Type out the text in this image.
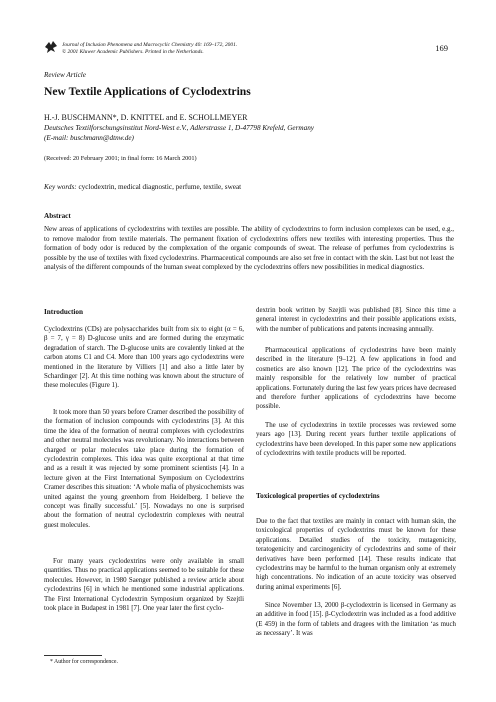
Journal of Inclusion Phenomena and Macrocyclic Chemistry 40: 169–172, 2001.
© 2001 Kluwer Academic Publishers. Printed in the Netherlands.	169
Review Article
New Textile Applications of Cyclodextrins
H.-J. BUSCHMANN*, D. KNITTEL and E. SCHOLLMEYER
Deutsches Textilforschungsinstitut Nord-West e.V., Adlerstrasse 1, D-47798 Krefeld, Germany
(E-mail: buschmann@dtnw.de)
(Received: 20 February 2001; in final form: 16 March 2001)
Key words: cyclodextrin, medical diagnostic, perfume, textile, sweat
Abstract

New areas of applications of cyclodextrins with textiles are possible. The ability of cyclodextrins to form inclusion complexes can be used, e.g., to remove malodor from textile materials. The permanent fixation of cyclodextrins offers new textiles with interesting properties. Thus the formation of body odor is reduced by the complexation of the organic compounds of sweat. The release of perfumes from cyclodextrins is possible by the use of textiles with fixed cyclodextrins. Pharmaceutical compounds are also set free in contact with the skin. Last but not least the analysis of the different compounds of the human sweat complexed by the cyclodextrins offers new possibilities in medical diagnostics.

Introduction

Cyclodextrins (CDs) are polysaccharides built from six to eight (α = 6, β = 7, γ = 8) D-glucose units and are formed during the enzymatic degradation of starch. The D-glucose units are covalently linked at the carbon atoms C1 and C4. More than 100 years ago cyclodextrins were mentioned in the literature by Villiers [1] and also a little later by Schardinger [2]. At this time nothing was known about the structure of these molecules (Figure 1).

It took more than 50 years before Cramer described the possibility of the formation of inclusion compounds with cyclodextrins [3]. At this time the idea of the formation of neutral complexes with cyclodextrins and other neutral molecules was revolutionary. No interactions between charged or polar molecules take place during the formation of cyclodextrin complexes. This idea was quite exceptional at that time and as a result it was rejected by some prominent scientists [4]. In a lecture given at the First International Symposium on Cyclodextrins Cramer describes this situation: ‘A whole mafia of physicochemists was united against the young greenhorn from Heidelberg. I believe the concept was finally successful.’ [5]. Nowadays no one is surprised about the formation of neutral cyclodextrin complexes with neutral guest molecules.

For many years cyclodextrins were only available in small quantities. Thus no practical applications seemed to be suitable for these molecules. However, in 1980 Saenger published a review article about cyclodextrins [6] in which he mentioned some industrial applications. The First International Cyclodextrin Symposium organized by Szejtli took place in Budapest in 1981 [7]. One year later the first cyclo-

dextrin book written by Szejtli was published [8]. Since this time a general interest in cyclodextrins and their possible applications exists, with the number of publications and patents increasing annually.

Pharmaceutical applications of cyclodextrins have been mainly described in the literature [9–12]. A few applications in food and cosmetics are also known [12]. The price of the cyclodextrins was mainly responsible for the relatively low number of practical applications. Fortunately during the last few years prices have decreased and therefore further applications of cyclodextrins have become possible.

The use of cyclodextrins in textile processes was reviewed some years ago [13]. During recent years further textile applications of cyclodextrins have been developed. In this paper some new applications of cyclodextrins with textile products will be reported.

Toxicological properties of cyclodextrins

Due to the fact that textiles are mainly in contact with human skin, the toxicological properties of cyclodextrins must be known for these applications. Detailed studies of the toxicity, mutagenicity, teratogenicity and carcinogenicity of cyclodextrins and some of their derivatives have been performed [14]. These results indicate that cyclodextrins may be harmful to the human organism only at extremely high concentrations. No indication of an acute toxicity was observed during animal experiments [6].

Since November 13, 2000 β-cyclodextrin is licensed in Germany as an additive in food [15]. β-Cyclodextrin was included as a food additive (E 459) in the form of tablets and dragees with the limitation ‘as much as necessary’. It was

* Author for correspondence.
